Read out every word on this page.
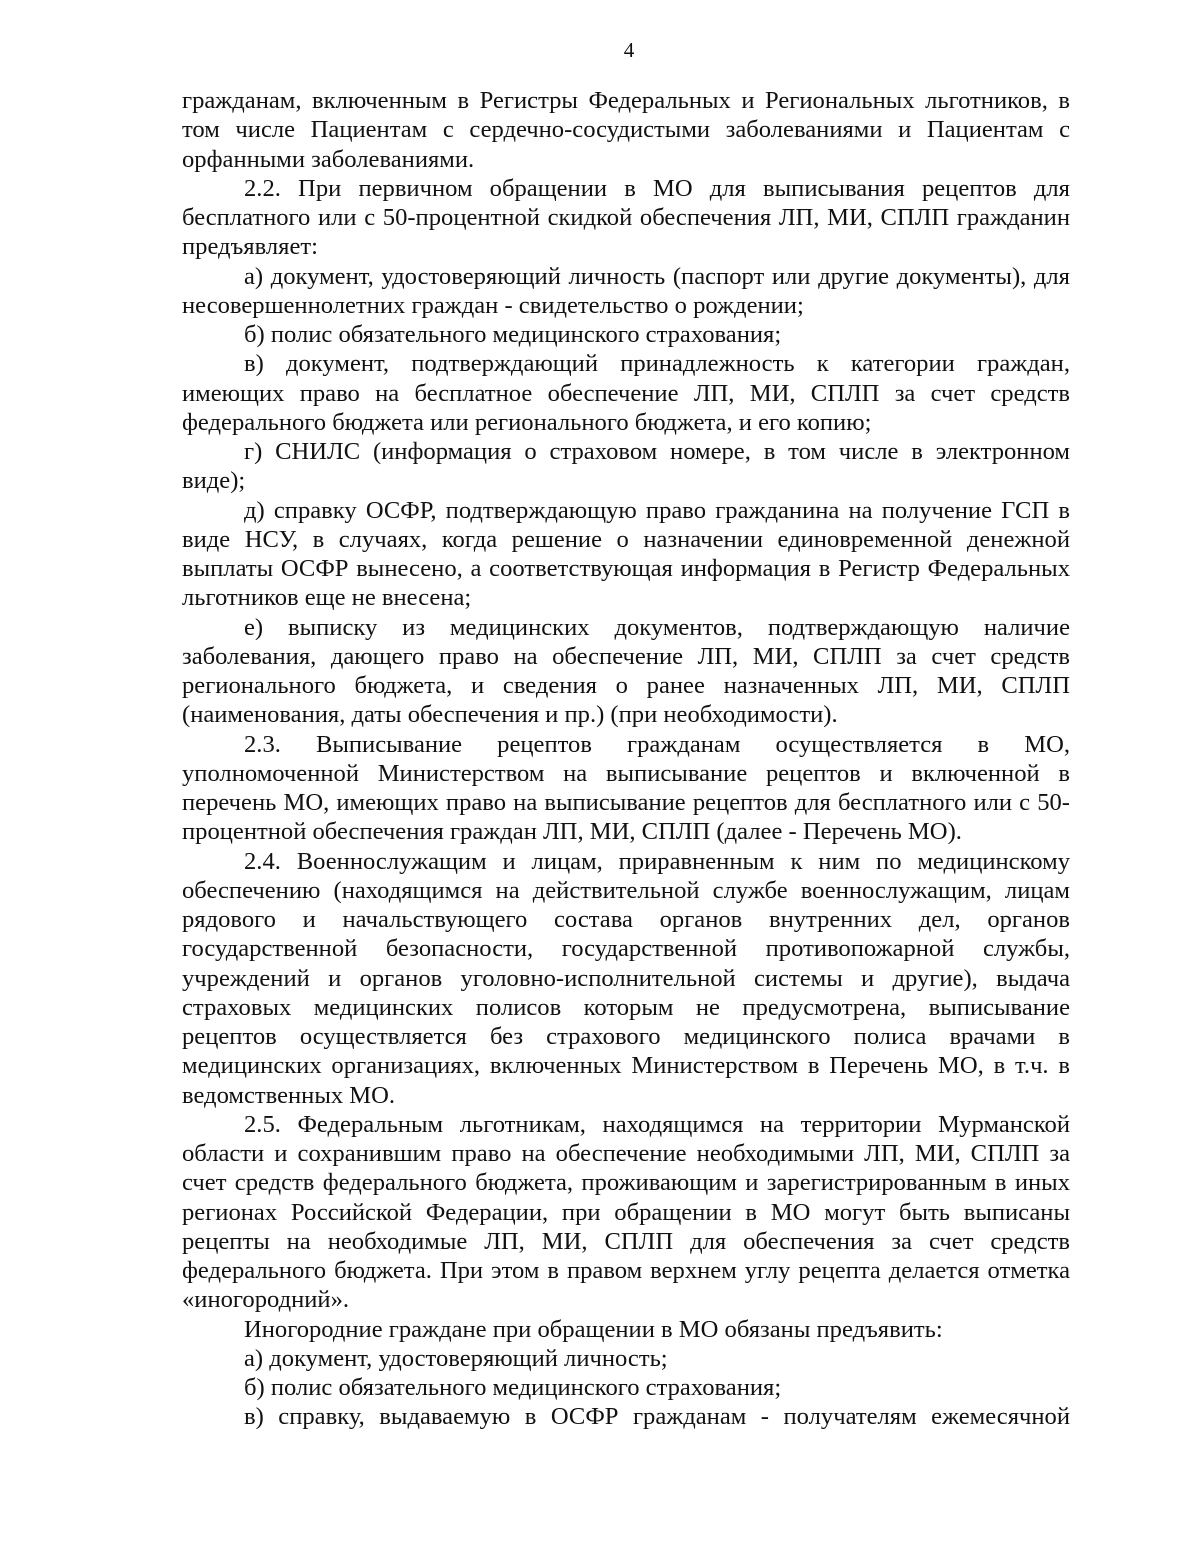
4

гражданам, включенным в Регистры Федеральных и Региональных льготников, в том числе Пациентам с сердечно-сосудистыми заболеваниями и Пациентам с орфанными заболеваниями.

2.2. При первичном обращении в МО для выписывания рецептов для бесплатного или с 50-процентной скидкой обеспечения ЛП, МИ, СПЛП гражданин предъявляет:

а) документ, удостоверяющий личность (паспорт или другие документы), для несовершеннолетних граждан - свидетельство о рождении;

б) полис обязательного медицинского страхования;

в) документ, подтверждающий принадлежность к категории граждан, имеющих право на бесплатное обеспечение ЛП, МИ, СПЛП за счет средств федерального бюджета или регионального бюджета, и его копию;

г) СНИЛС (информация о страховом номере, в том числе в электронном виде);

д) справку ОСФР, подтверждающую право гражданина на получение ГСП в виде НСУ, в случаях, когда решение о назначении единовременной денежной выплаты ОСФР вынесено, а соответствующая информация в Регистр Федеральных льготников еще не внесена;

е) выписку из медицинских документов, подтверждающую наличие заболевания, дающего право на обеспечение ЛП, МИ, СПЛП за счет средств регионального бюджета, и сведения о ранее назначенных ЛП, МИ, СПЛП (наименования, даты обеспечения и пр.) (при необходимости).

2.3. Выписывание рецептов гражданам осуществляется в МО, уполномоченной Министерством на выписывание рецептов и включенной в перечень МО, имеющих право на выписывание рецептов для бесплатного или с 50-процентной обеспечения граждан ЛП, МИ, СПЛП (далее - Перечень МО).

2.4. Военнослужащим и лицам, приравненным к ним по медицинскому обеспечению (находящимся на действительной службе военнослужащим, лицам рядового и начальствующего состава органов внутренних дел, органов государственной безопасности, государственной противопожарной службы, учреждений и органов уголовно-исполнительной системы и другие), выдача страховых медицинских полисов которым не предусмотрена, выписывание рецептов осуществляется без страхового медицинского полиса врачами в медицинских организациях, включенных Министерством в Перечень МО, в т.ч. в ведомственных МО.

2.5. Федеральным льготникам, находящимся на территории Мурманской области и сохранившим право на обеспечение необходимыми ЛП, МИ, СПЛП за счет средств федерального бюджета, проживающим и зарегистрированным в иных регионах Российской Федерации, при обращении в МО могут быть выписаны рецепты на необходимые ЛП, МИ, СПЛП для обеспечения за счет средств федерального бюджета. При этом в правом верхнем углу рецепта делается отметка «иногородний».

Иногородние граждане при обращении в МО обязаны предъявить:

а) документ, удостоверяющий личность;

б) полис обязательного медицинского страхования;

в) справку, выдаваемую в ОСФР гражданам - получателям ежемесячной
